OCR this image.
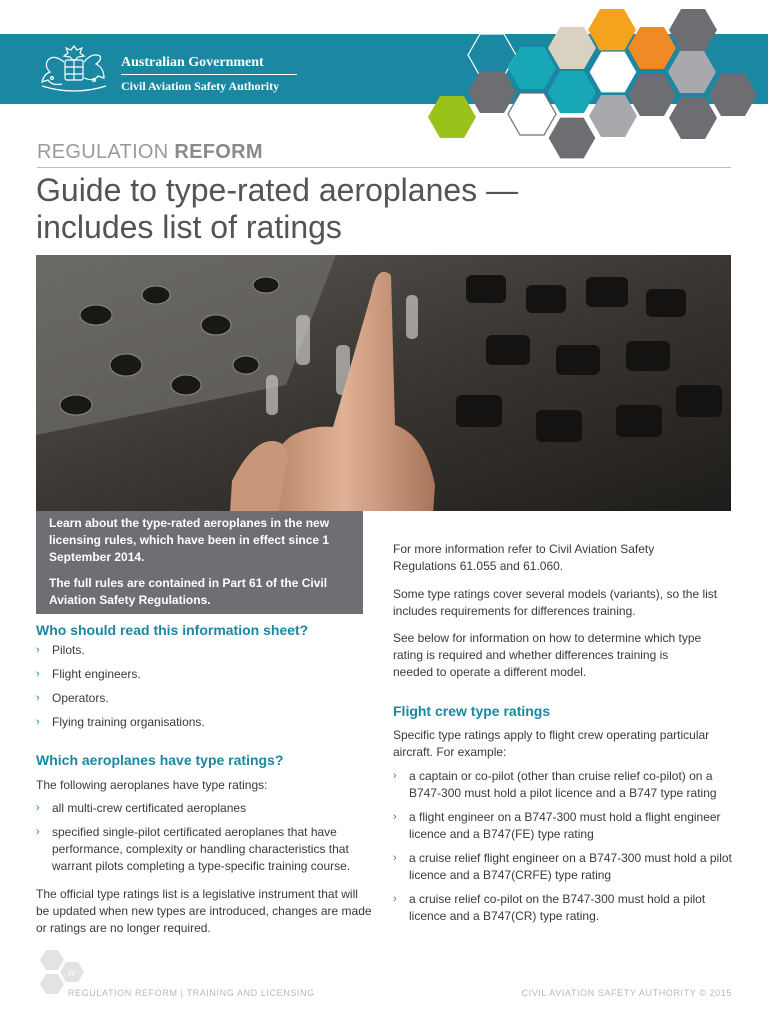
Australian Government
Civil Aviation Safety Authority
REGULATION REFORM
Guide to type-rated aeroplanes —
includes list of ratings

Learn about the type-rated aeroplanes in the new licensing rules, which have been in effect since 1 September 2014.

The full rules are contained in Part 61 of the Civil Aviation Safety Regulations.

Who should read this information sheet?
› Pilots.
› Flight engineers.
› Operators.
› Flying training organisations.
Which aeroplanes have type ratings?

The following aeroplanes have type ratings:

› all multi-crew certificated aeroplanes
› specified single-pilot certificated aeroplanes that have performance, complexity or handling characteristics that warrant pilots completing a type-specific training course.

The official type ratings list is a legislative instrument that will be updated when new types are introduced, changes are made or ratings are no longer required.

For more information refer to Civil Aviation Safety Regulations 61.055 and 61.060.

Some type ratings cover several models (variants), so the list includes requirements for differences training.

See below for information on how to determine which type rating is required and whether differences training is needed to operate a different model.

Flight crew type ratings

Specific type ratings apply to flight crew operating particular aircraft. For example:

› a captain or co-pilot (other than cruise relief co-pilot) on a B747-300 must hold a pilot licence and a B747 type rating
› a flight engineer on a B747-300 must hold a flight engineer licence and a B747(FE) type rating
› a cruise relief flight engineer on a B747-300 must hold a pilot licence and a B747(CRFE) type rating
› a cruise relief co-pilot on the B747-300 must hold a pilot licence and a B747(CR) type rating.
rr
REGULATION REFORM | TRAINING AND LICENSING	CIVIL AVIATION SAFETY AUTHORITY © 2015
